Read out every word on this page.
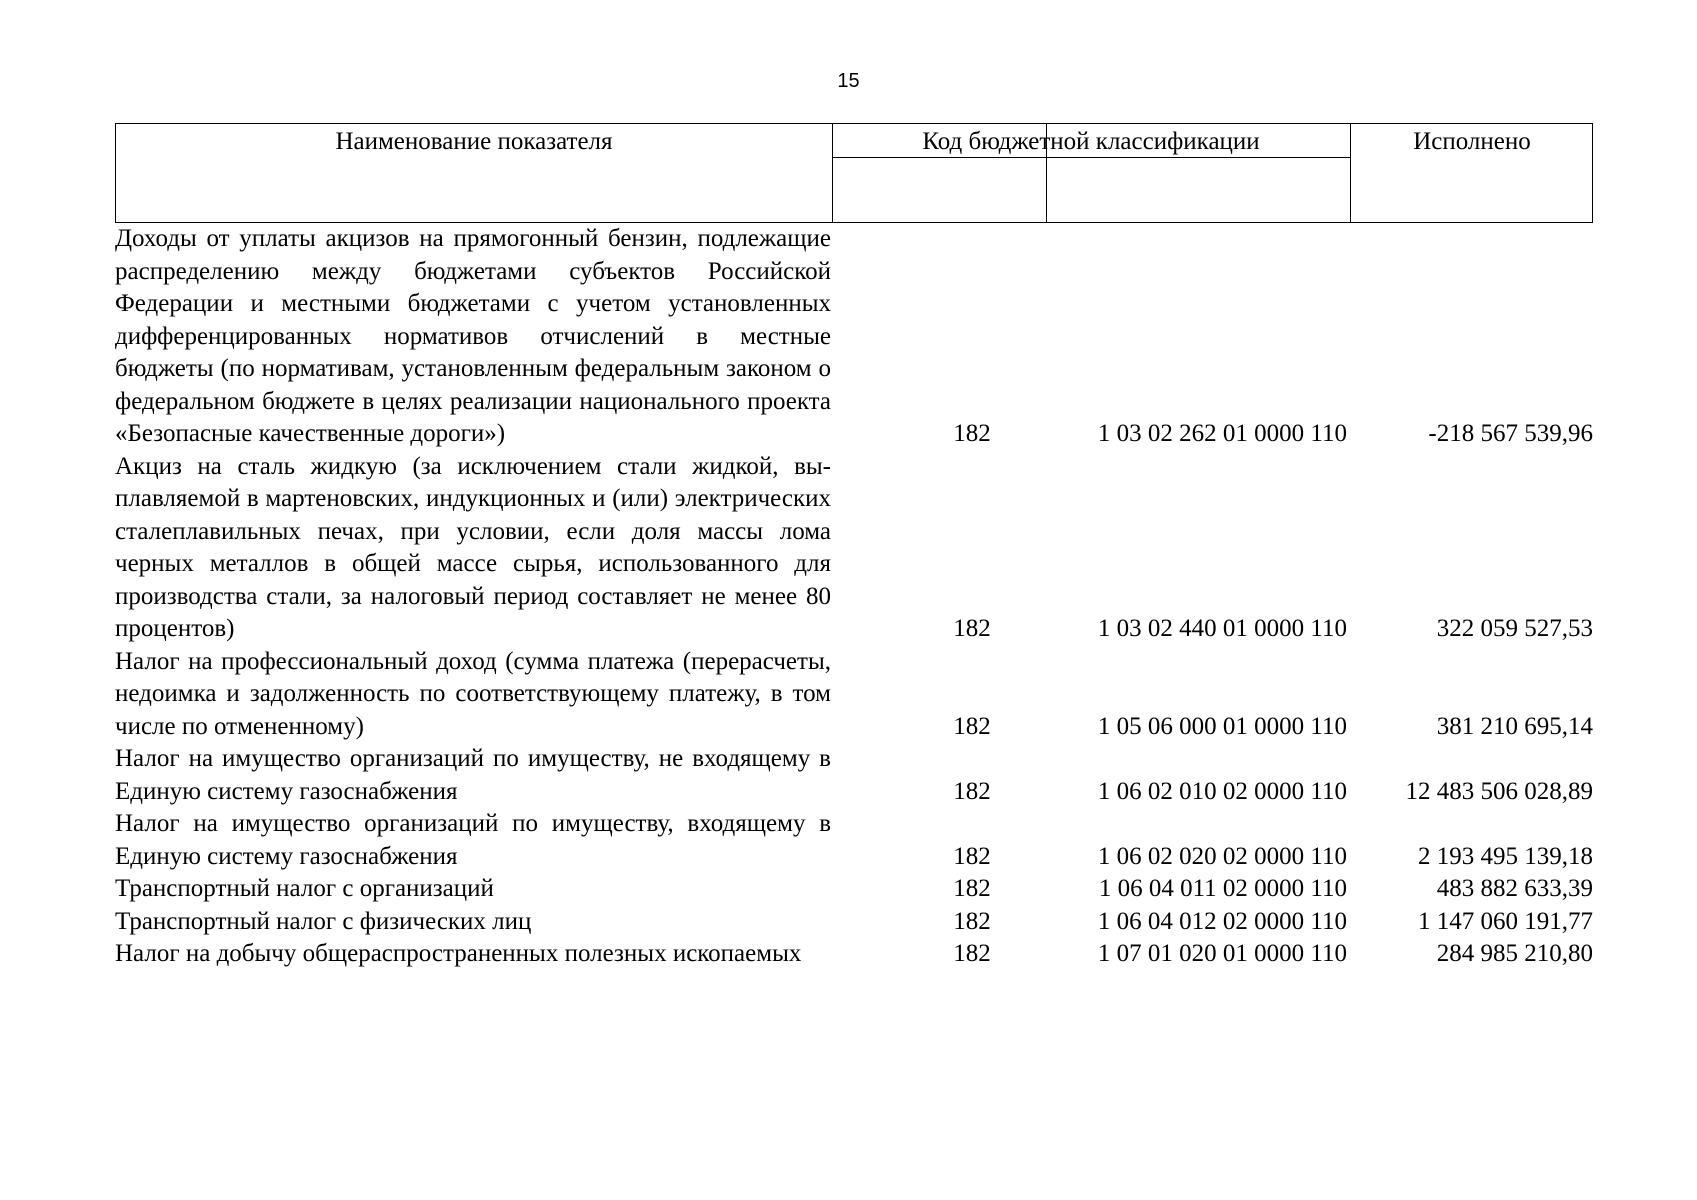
15
Наименование показателя	Код бюджетной классификации	Исполнено
Доходы от уплаты акцизов на прямогонный бензин, подлежащие распределению между бюджетами субъектов Российской Федерации и местными бюджетами с учетом установленных дифференцированных нормативов отчислений в местные бюджеты (по нормативам, установленным федеральным законом о федеральном бюджете в целях реализации национального проекта «Безопасные качественные дороги»)	182	1 03 02 262 01 0000 110	-218 567 539,96
Акциз на сталь жидкую (за исключением стали жидкой, выплавляемой в мартеновских, индукционных и (или) электрических сталеплавильных печах, при условии, если доля массы лома черных металлов в общей массе сырья, использованного для производства стали, за налоговый период составляет не менее 80 процентов)	182	1 03 02 440 01 0000 110	322 059 527,53
Налог на профессиональный доход (сумма платежа (перерасчеты, недоимка и задолженность по соответствующему платежу, в том числе по отмененному)	182	1 05 06 000 01 0000 110	381 210 695,14
Налог на имущество организаций по имуществу, не входящему в Единую систему газоснабжения	182	1 06 02 010 02 0000 110	12 483 506 028,89
Налог на имущество организаций по имуществу, входящему в Единую систему газоснабжения	182	1 06 02 020 02 0000 110	2 193 495 139,18
Транспортный налог с организаций	182	1 06 04 011 02 0000 110	483 882 633,39
Транспортный налог с физических лиц	182	1 06 04 012 02 0000 110	1 147 060 191,77
Налог на добычу общераспространенных полезных ископаемых	182	1 07 01 020 01 0000 110	284 985 210,80
